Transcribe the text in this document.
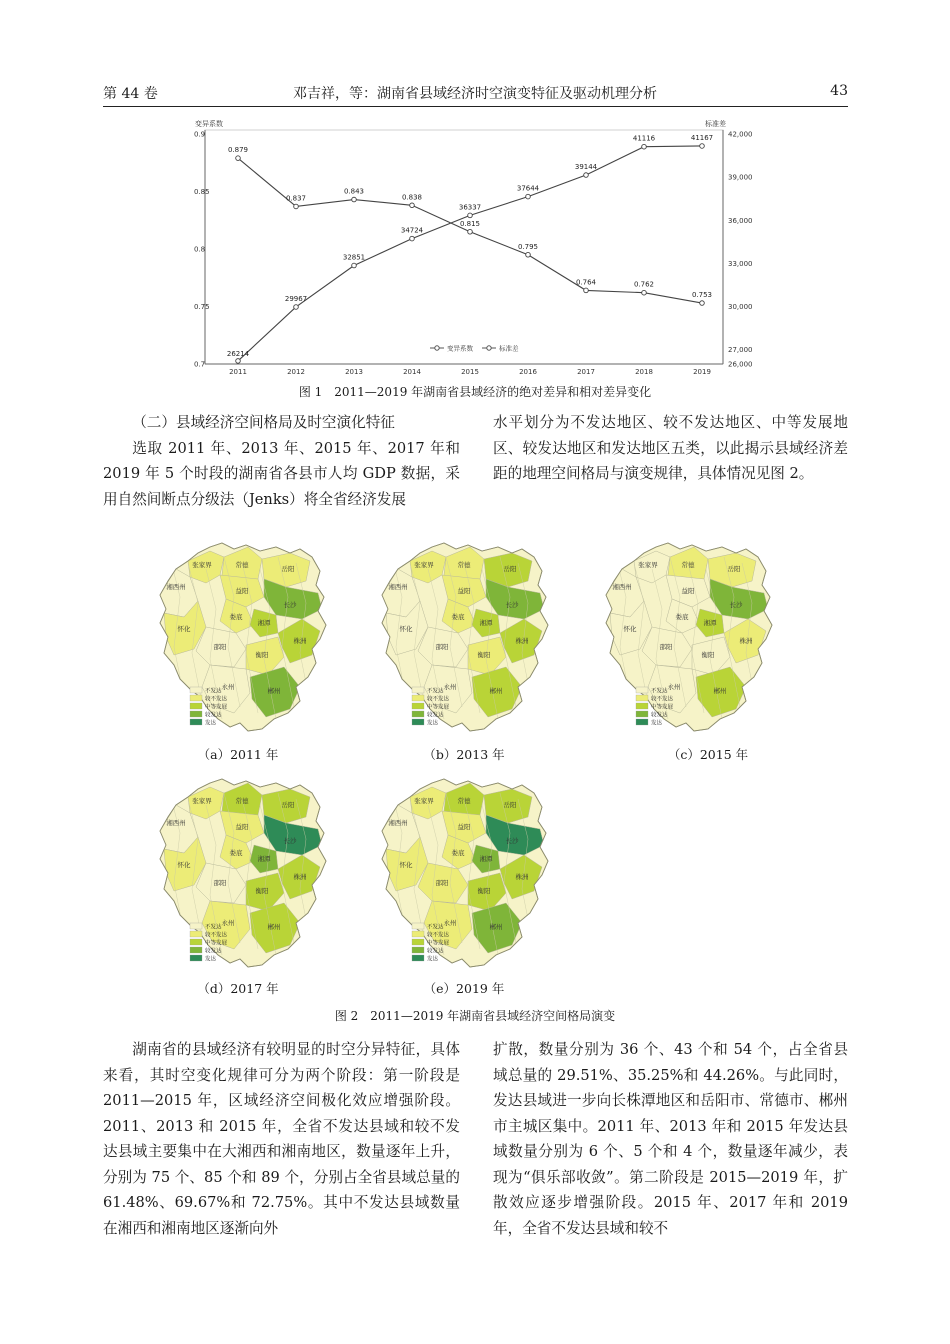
第 44 卷	邓吉祥，等：湖南省县域经济时空演变特征及驱动机理分析	43
变异系数	标准差
0.9
0.85
0.8
0.75
0.7
42,000
39,000
36,000
33,000
30,000
27,000
26,000
2011	2012	2013	2014	2015	2016	2017	2018	2019
0.879
0.837
0.843
0.838
0.815
0.795
0.764	0.762
0.753
26214
29967
32851
34724
36337
37644
39144
41116	41167
变异系数	标准差
图 1　2011—2019 年湖南省县域经济的绝对差异和相对差异变化

（二）县域经济空间格局及时空演化特征

选取 2011 年、2013 年、2015 年、2017 年和 2019 年 5 个时段的湖南省各县市人均 GDP 数据，采用自然间断点分级法（Jenks）将全省经济发展

水平划分为不发达地区、较不发达地区、中等发展地区、较发达地区和发达地区五类，以此揭示县域经济差距的地理空间格局与演变规律，具体情况见图 2。

张家界	常德	岳阳
湘西州	益阳
长沙
娄底
湘潭
怀化
邵阳
衡阳
株洲
永州	郴州
不发达
较不发达
中等发展
较发达
发达
（a）2011 年
张家界	常德	岳阳
湘西州	益阳
长沙
娄底
湘潭
怀化
邵阳
衡阳
株洲
永州	郴州
不发达
较不发达
中等发展
较发达
发达
（b）2013 年
张家界	常德	岳阳
湘西州	益阳
长沙
娄底
湘潭
怀化
邵阳
衡阳
株洲
永州	郴州
不发达
较不发达
中等发展
较发达
发达
（c）2015 年
张家界	常德	岳阳
湘西州	益阳
长沙
娄底
湘潭
怀化
邵阳
衡阳
株洲
永州	郴州
不发达
较不发达
中等发展
较发达
发达
（d）2017 年
张家界	常德	岳阳
湘西州	益阳
长沙
娄底
湘潭
怀化
邵阳
衡阳
株洲
永州	郴州
不发达
较不发达
中等发展
较发达
发达
（e）2019 年
图 2　2011—2019 年湖南省县域经济空间格局演变

湖南省的县域经济有较明显的时空分异特征，具体来看，其时空变化规律可分为两个阶段：第一阶段是 2011—2015 年，区域经济空间极化效应增强阶段。2011、2013 和 2015 年，全省不发达县域和较不发达县域主要集中在大湘西和湘南地区，数量逐年上升，分别为 75 个、85 个和 89 个，分别占全省县域总量的 61.48%、69.67%和 72.75%。其中不发达县域数量在湘西和湘南地区逐渐向外

扩散，数量分别为 36 个、43 个和 54 个，占全省县域总量的 29.51%、35.25%和 44.26%。与此同时，发达县域进一步向长株潭地区和岳阳市、常德市、郴州市主城区集中。2011 年、2013 年和 2015 年发达县域数量分别为 6 个、5 个和 4 个，数量逐年减少，表现为“俱乐部收敛”。第二阶段是 2015—2019 年，扩散效应逐步增强阶段。2015 年、2017 年和 2019 年，全省不发达县域和较不
